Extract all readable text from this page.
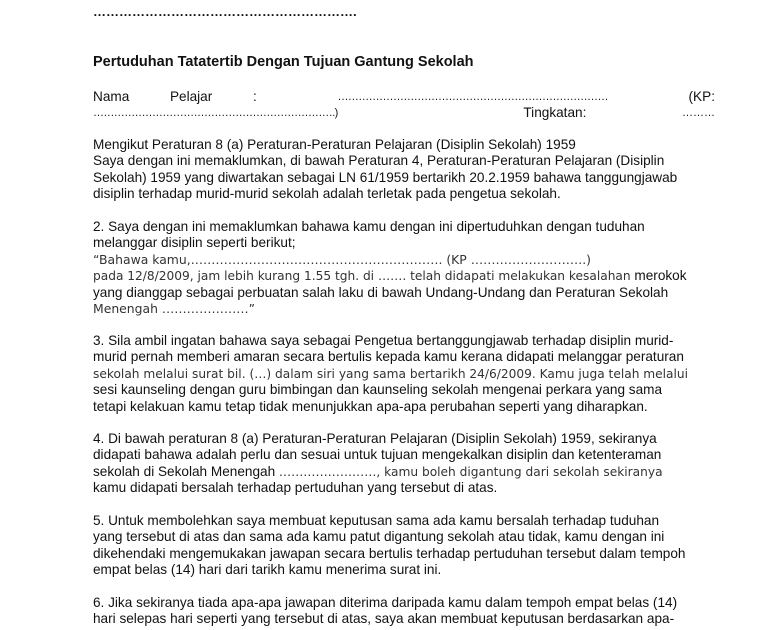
…………………………………………………….
Pertuduhan Tatatertib Dengan Tujuan Gantung Sekolah
Nama	Pelajar	:	……………………………………………………………………	(KP:
…………………………………………………………….)	Tingkatan:	………
Mengikut Peraturan 8 (a) Peraturan-Peraturan Pelajaran (Disiplin Sekolah) 1959
Saya dengan ini memaklumkan, di bawah Peraturan 4, Peraturan-Peraturan Pelajaran (Disiplin
Sekolah) 1959 yang diwartakan sebagai LN 61/1959 bertarikh 20.2.1959 bahawa tanggungjawab
disiplin terhadap murid-murid sekolah adalah terletak pada pengetua sekolah.
2. Saya dengan ini memaklumkan bahawa kamu dengan ini dipertuduhkan dengan tuduhan
melanggar disiplin seperti berikut;
“Bahawa kamu,……………………………………………………. (KP ……………………….)
pada 12/8/2009, jam lebih kurang 1.55 tgh. di ……. telah didapati melakukan kesalahan merokok
yang dianggap sebagai perbuatan salah laku di bawah Undang-Undang dan Peraturan Sekolah
Menengah …………………”
3. Sila ambil ingatan bahawa saya sebagai Pengetua bertanggungjawab terhadap disiplin murid-
murid pernah memberi amaran secara bertulis kepada kamu kerana didapati melanggar peraturan
sekolah melalui surat bil. (…) dalam siri yang sama bertarikh 24/6/2009. Kamu juga telah melalui
sesi kaunseling dengan guru bimbingan dan kaunseling sekolah mengenai perkara yang sama
tetapi kelakuan kamu tetap tidak menunjukkan apa-apa perubahan seperti yang diharapkan.
4. Di bawah peraturan 8 (a) Peraturan-Peraturan Pelajaran (Disiplin Sekolah) 1959, sekiranya
didapati bahawa adalah perlu dan sesuai untuk tujuan mengekalkan disiplin dan ketenteraman
sekolah di Sekolah Menengah ……………………, kamu boleh digantung dari sekolah sekiranya
kamu didapati bersalah terhadap pertuduhan yang tersebut di atas.
5. Untuk membolehkan saya membuat keputusan sama ada kamu bersalah terhadap tuduhan
yang tersebut di atas dan sama ada kamu patut digantung sekolah atau tidak, kamu dengan ini
dikehendaki mengemukakan jawapan secara bertulis terhadap pertuduhan tersebut dalam tempoh
empat belas (14) hari dari tarikh kamu menerima surat ini.
6. Jika sekiranya tiada apa-apa jawapan diterima daripada kamu dalam tempoh empat belas (14)
hari selepas hari seperti yang tersebut di atas, saya akan membuat keputusan berdasarkan apa-
